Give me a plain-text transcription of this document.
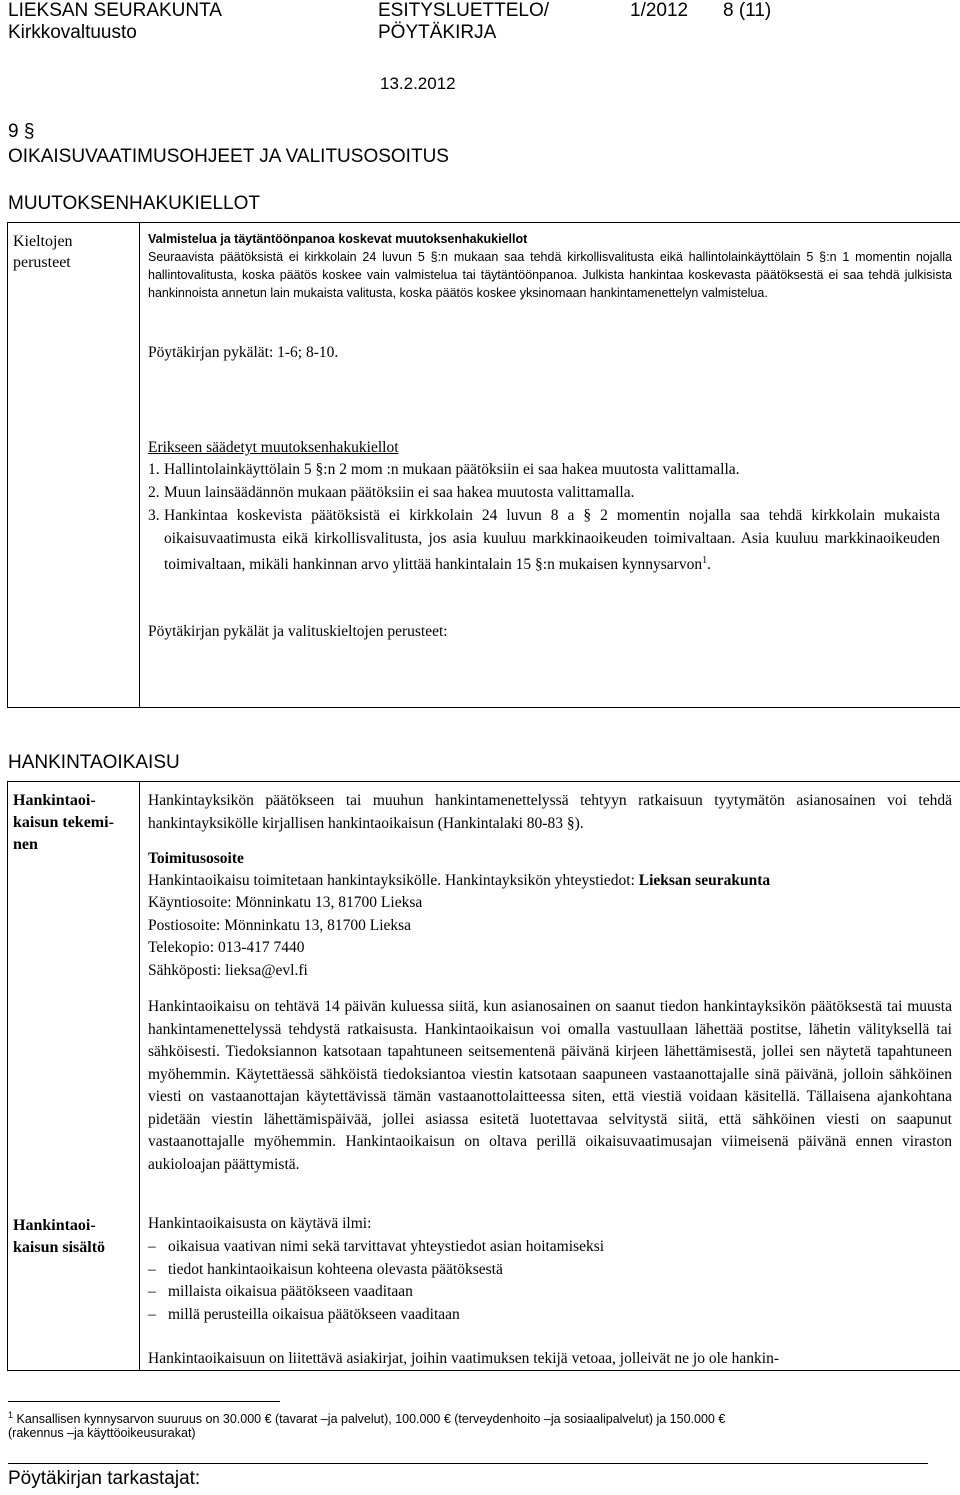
LIEKSAN SEURAKUNTA
Kirkkovaltuusto
ESITYSLUETTELO/
PÖYTÄKIRJA
1/2012 8 (11)
13.2.2012
9 §
OIKAISUVAATIMUSOHJEET JA VALITUSOSOITUS
MUUTOKSENHAKUKIELLOT
Kieltojen
perusteet
Valmistelua ja täytäntöönpanoa koskevat muutoksenhakukiellot
Seuraavista päätöksistä ei kirkkolain 24 luvun 5 §:n mukaan saa tehdä kirkollisvalitusta eikä hallintolainkäyttölain 5 §:n 1 momentin nojalla hallintovalitusta, koska päätös koskee vain valmistelua tai täytäntöönpanoa. Julkista hankintaa koskevasta päätöksestä ei saa tehdä julkisista hankinnoista annetun lain mukaista valitusta, koska päätös koskee yksinomaan hankintamenettelyn valmistelua.
Pöytäkirjan pykälät: 1-6; 8-10.
Erikseen säädetyt muutoksenhakukiellot
1. Hallintolainkäyttölain 5 §:n 2 mom :n mukaan päätöksiin ei saa hakea muutosta valittamalla.
2. Muun lainsäädännön mukaan päätöksiin ei saa hakea muutosta valittamalla.
3. Hankintaa koskevista päätöksistä ei kirkkolain 24 luvun 8 a § 2 momentin nojalla saa tehdä kirkkolain mukaista oikaisuvaatimusta eikä kirkollisvalitusta, jos asia kuuluu markkinaoikeuden toimivaltaan. Asia kuuluu markkinaoikeuden toimivaltaan, mikäli hankinnan arvo ylittää hankintalain 15 §:n mukaisen kynnysarvon$^1$.
Pöytäkirjan pykälät ja valituskieltojen perusteet:
HANKINTAOIKAISU
Hankintaoi-
kaisun tekemi-
nen
Hankintayksikön päätökseen tai muuhun hankintamenettelyssä tehtyyn ratkaisuun tyytymätön asianosainen voi tehdä hankintayksikölle kirjallisen hankintaoikaisun (Hankintalaki 80-83 §).
Toimitusosoite
Hankintaoikaisu toimitetaan hankintayksikölle. Hankintayksikön yhteystiedot: Lieksan seurakunta
Käyntiosoite: Mönninkatu 13, 81700 Lieksa
Postiosoite: Mönninkatu 13, 81700 Lieksa
Telekopio: 013-417 7440
Sähköposti: lieksa@evl.fi
Hankintaoikaisu on tehtävä 14 päivän kuluessa siitä, kun asianosainen on saanut tiedon hankintayksikön päätöksestä tai muusta hankintamenettelyssä tehdystä ratkaisusta. Hankintaoikaisun voi omalla vastuullaan lähettää postitse, lähetin välityksellä tai sähköisesti. Tiedoksiannon katsotaan tapahtuneen seitsementenä päivänä kirjeen lähettämisestä, jollei sen näytetä tapahtuneen myöhemmin. Käytettäessä sähköistä tiedoksiantoa viestin katsotaan saapuneen vastaanottajalle sinä päivänä, jolloin sähköinen viesti on vastaanottajan käytettävissä tämän vastaanottolaitteessa siten, että viestiä voidaan käsitellä. Tällaisena ajankohtana pidetään viestin lähettämispäivää, jollei asiassa esitetä luotettavaa selvitystä siitä, että sähköinen viesti on saapunut vastaanottajalle myöhemmin. Hankintaoikaisun on oltava perillä oikaisuvaatimusajan viimeisenä päivänä ennen viraston aukioloajan päättymistä.
Hankintaoi-
kaisun sisältö
Hankintaoikaisusta on käytävä ilmi:
– oikaisua vaativan nimi sekä tarvittavat yhteystiedot asian hoitamiseksi
– tiedot hankintaoikaisun kohteena olevasta päätöksestä
– millaista oikaisua päätökseen vaaditaan
– millä perusteilla oikaisua päätökseen vaaditaan
Hankintaoikaisuun on liitettävä asiakirjat, joihin vaatimuksen tekijä vetoaa, jolleivät ne jo ole hankin-
$^1$ Kansallisen kynnysarvon suuruus on 30.000 € (tavarat –ja palvelut), 100.000 € (terveydenhoito –ja sosiaalipalvelut) ja 150.000 €
(rakennus –ja käyttöoikeusurakat)
Pöytäkirjan tarkastajat:
